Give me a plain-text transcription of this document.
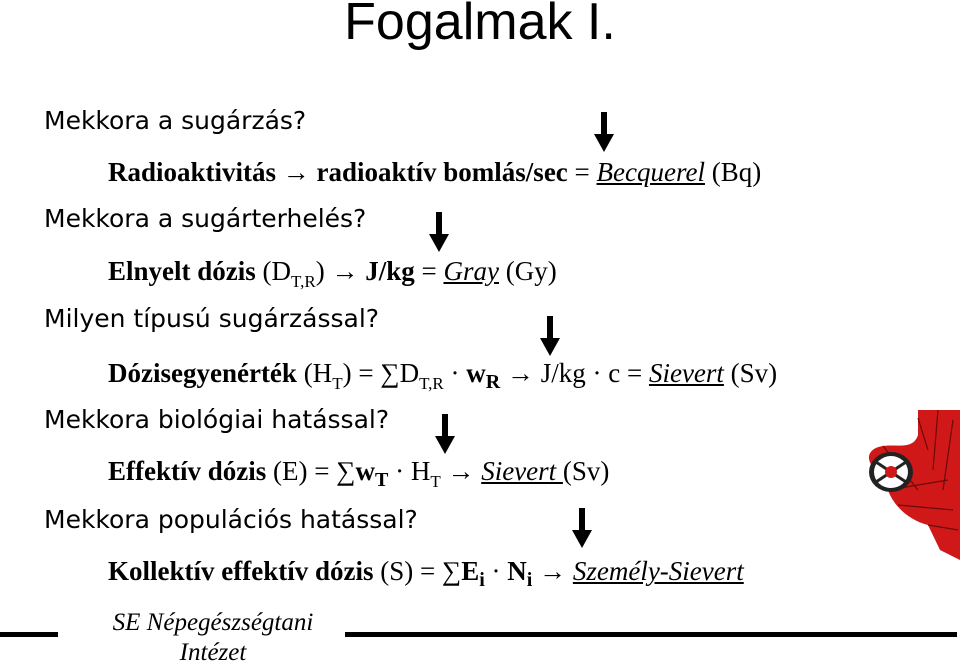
Fogalmak I.
Mekkora a sugárzás?
Radioaktivitás → radioaktív bomlás/sec = Becquerel (Bq)
Mekkora a sugárterhelés?
Elnyelt dózis $(D_{T,R}) \to J/kg$ = Gray (Gy)
Milyen típusú sugárzással?
Dózisegyenérték $(H_T) = \sum D_{T,R} \cdot w_R \to J/kg \cdot c$ = Sievert (Sv)
Mekkora biológiai hatással?
Effektív dózis $(E) = \sum w_T \cdot H_T$ → Sievert (Sv)
Mekkora populációs hatással?
Kollektív effektív dózis $(S) = \sum E_i \cdot N_i$ → Személy-Sievert
SE Népegészségtani
Intézet
